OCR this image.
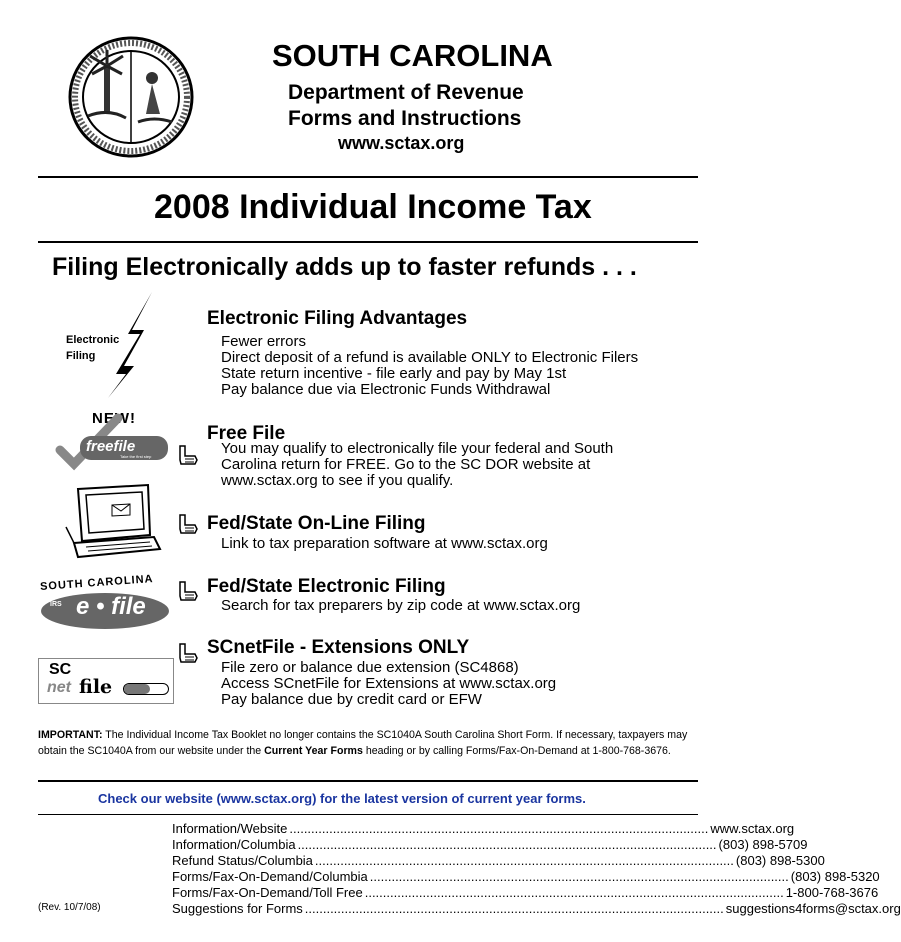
SOUTH CAROLINA
Department of Revenue
Forms and Instructions
www.sctax.org
2008 Individual Income Tax
Filing Electronically adds up to faster refunds . . .
Electronic
Filing
NEW!
freefile
Take the first step
SOUTH CAROLINA
IRS e • file
SC
net file
Electronic Filing Advantages
Fewer errors
Direct deposit of a refund is available ONLY to Electronic Filers
State return incentive - file early and pay by May 1st
Pay balance due via Electronic Funds Withdrawal
Free File
You may qualify to electronically file your federal and South
Carolina return for FREE. Go to the SC DOR website at
www.sctax.org to see if you qualify.
Fed/State On-Line Filing
Link to tax preparation software at www.sctax.org
Fed/State Electronic Filing
Search for tax preparers by zip code at www.sctax.org
SCnetFile - Extensions ONLY
File zero or balance due extension (SC4868)
Access SCnetFile for Extensions at www.sctax.org
Pay balance due by credit card or EFW
IMPORTANT: The Individual Income Tax Booklet no longer contains the SC1040A South Carolina Short Form. If necessary, taxpayers may obtain the SC1040A from our website under the Current Year Forms heading or by calling Forms/Fax-On-Demand at 1-800-768-3676.
Check our website (www.sctax.org) for the latest version of current year forms.
Information/Website .................................................................................................................... www.sctax.org
Information/Columbia .................................................................................................................... (803) 898-5709
Refund Status/Columbia .................................................................................................................... (803) 898-5300
Forms/Fax-On-Demand/Columbia .................................................................................................................... (803) 898-5320
Forms/Fax-On-Demand/Toll Free .................................................................................................................... 1-800-768-3676
Suggestions for Forms .................................................................................................................... suggestions4forms@sctax.org
(Rev. 10/7/08)
